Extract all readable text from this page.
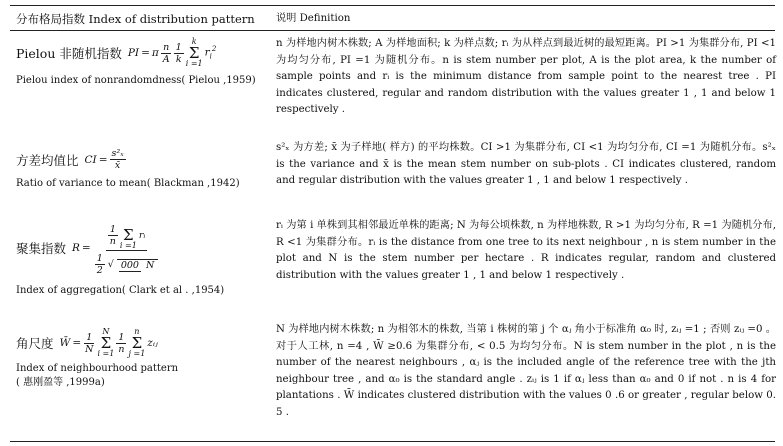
分布格局指数 Index of distribution pattern	说明 Definition
Pielou 非随机指数 PI = π $\frac{n}{A} \frac{1}{k}$ k
Σ
i =1
$r_i^2$
Pielou index of nonrandomdness( Pielou ,1959)

n 为样地内树木株数; A 为样地面积; k 为样点数; rᵢ 为从样点到最近树的最短距离。PI >1 为集群分布, PI <1 为均匀分布, PI =1 为随机分布。n is stem number per plot, A is the plot area, k the number of sample points and rᵢ is the minimum distance from sample point to the nearest tree . PI indicates clustered, regular and random distribution with the values greater 1 , 1 and below 1 respectively .

方差均值比 CI = $\frac{\text{s²ₓ}}{x̄}$
Ratio of variance to mean( Blackman ,1942)

s²ₓ 为方差; x̄ 为子样地( 样方) 的平均株数。CI >1 为集群分布, CI <1 为均匀分布, CI =1 为随机分布。s²ₓ is the variance and x̄ is the mean stem number on sub-plots . CI indicates clustered, random and regular distribution with the values greater 1 , 1 and below 1 respectively .

聚集指数 R =
$\frac{1}{n}$
Σ
i =1
rᵢ
$\frac{1}{2}$ √ 000 N
Index of aggregation( Clark et al . ,1954)

rᵢ 为第 i 单株到其相邻最近单株的距离; N 为每公顷株数, n 为样地株数, R >1 为均匀分布, R =1 为随机分布, R <1 为集群分布。rᵢ is the distance from one tree to its next neighbour , n is stem number in the plot and N is the stem number per hectare . R indicates regular, random and clustered distribution with the values greater 1 , 1 and below 1 respectively .

角尺度 W̄ = $\frac{1}{N}$ N
Σ
$i =1 \frac{1}{n}$ n
Σ
j =1
zᵢⱼ
Index of neighbourhood pattern
( 惠刚盈等 ,1999a)

N 为样地内树木株数; n 为相邻木的株数, 当第 i 株树的第 j 个 αⱼ 角小于标准角 α₀ 时, zᵢⱼ =1 ; 否则 zᵢⱼ =0 。对于人工林, n =4 , W̄ ≥0.6 为集群分布, < 0.5 为均匀分布。N is stem number in the plot , n is the number of the nearest neighbours , αⱼ is the included angle of the reference tree with the jth neighbour tree , and α₀ is the standard angle . zᵢⱼ is 1 if αⱼ less than α₀ and 0 if not . n is 4 for plantations . W̄ indicates clustered distribution with the values 0 .6 or greater , regular below 0. 5 .
